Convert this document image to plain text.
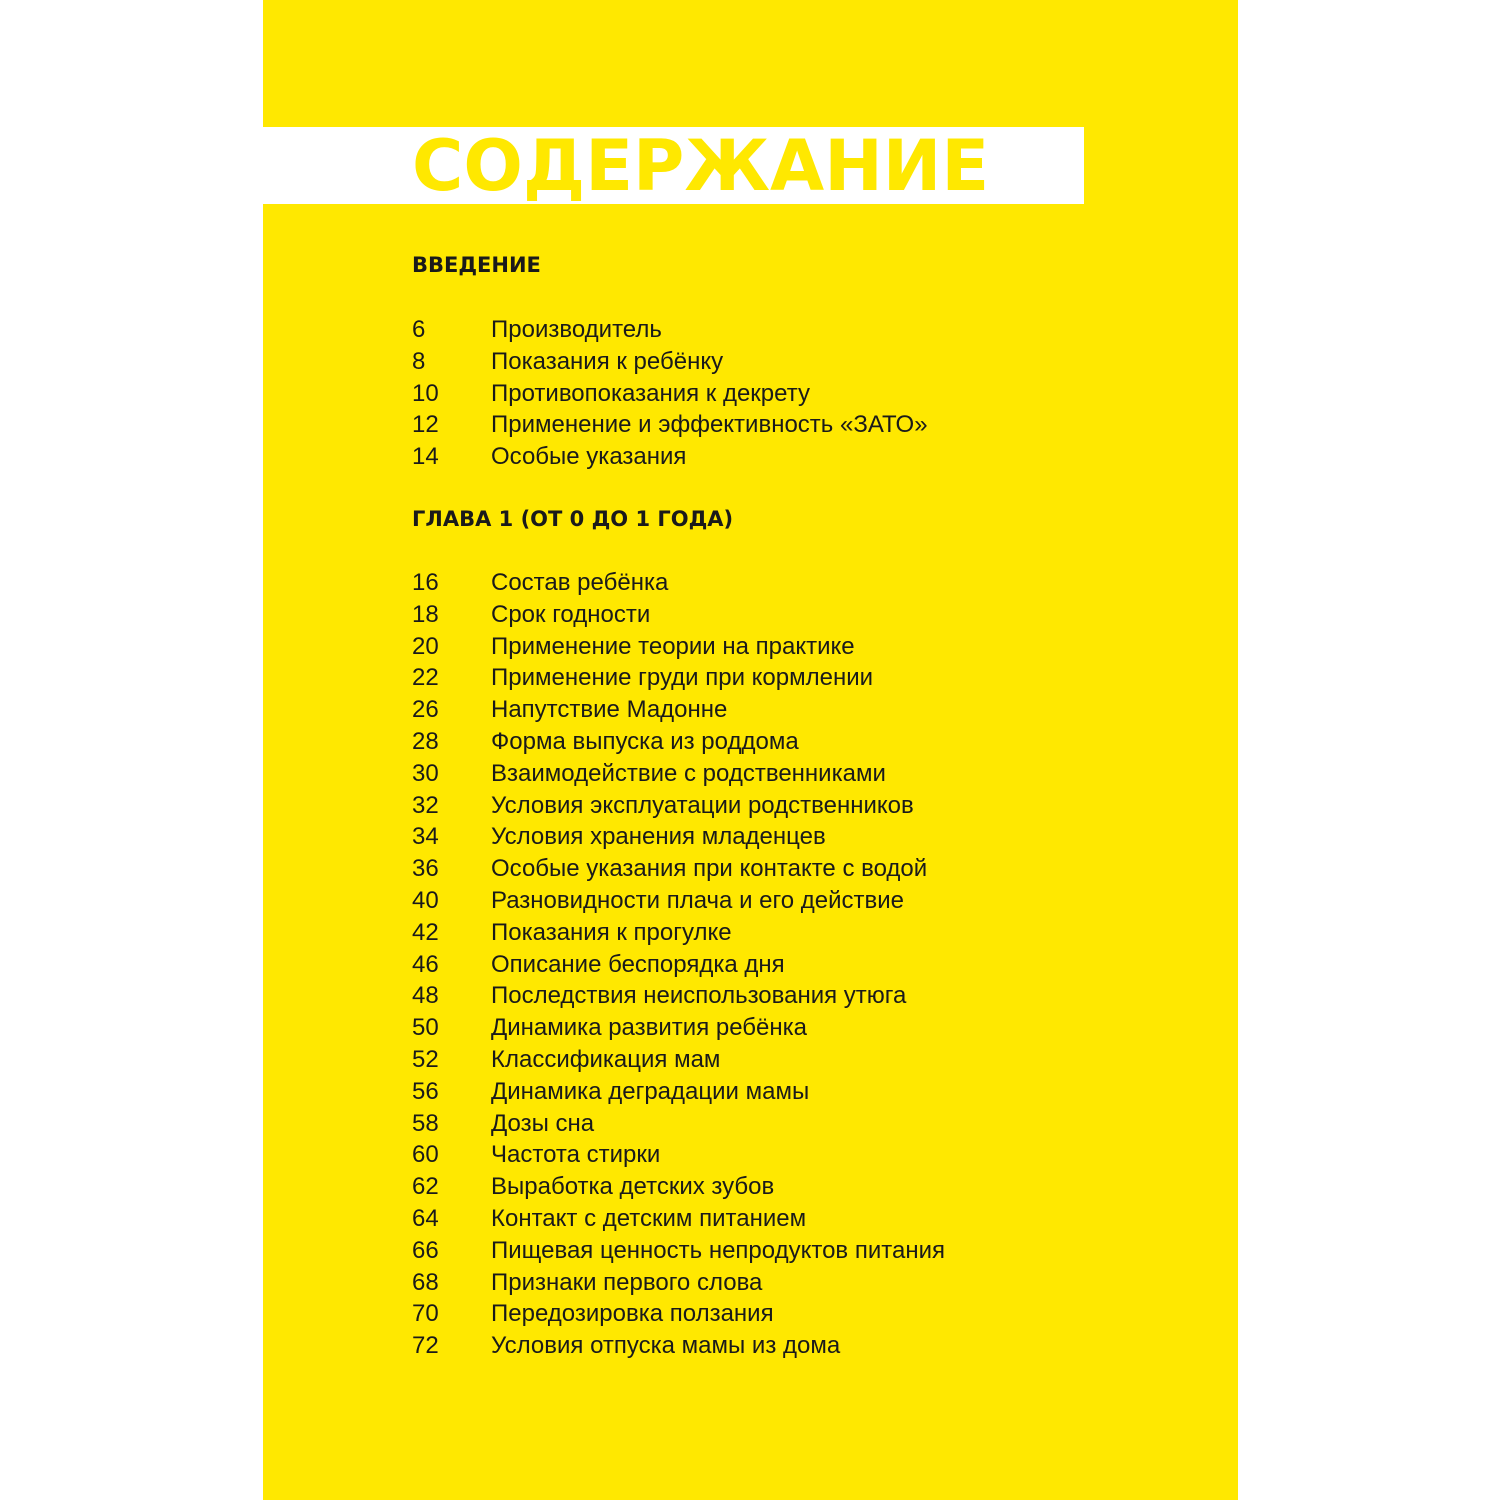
СОДЕРЖАНИЕ
ВВЕДЕНИЕ
6	Производитель
8	Показания к ребёнку
10	Противопоказания к декрету
12	Применение и эффективность «ЗАТО»
14	Особые указания
ГЛАВА 1 (ОТ 0 ДО 1 ГОДА)
16	Состав ребёнка
18	Срок годности
20	Применение теории на практике
22	Применение груди при кормлении
26	Напутствие Мадонне
28	Форма выпуска из роддома
30	Взаимодействие с родственниками
32	Условия эксплуатации родственников
34	Условия хранения младенцев
36	Особые указания при контакте с водой
40	Разновидности плача и его действие
42	Показания к прогулке
46	Описание беспорядка дня
48	Последствия неиспользования утюга
50	Динамика развития ребёнка
52	Классификация мам
56	Динамика деградации мамы
58	Дозы сна
60	Частота стирки
62	Выработка детских зубов
64	Контакт с детским питанием
66	Пищевая ценность непродуктов питания
68	Признаки первого слова
70	Передозировка ползания
72	Условия отпуска мамы из дома
